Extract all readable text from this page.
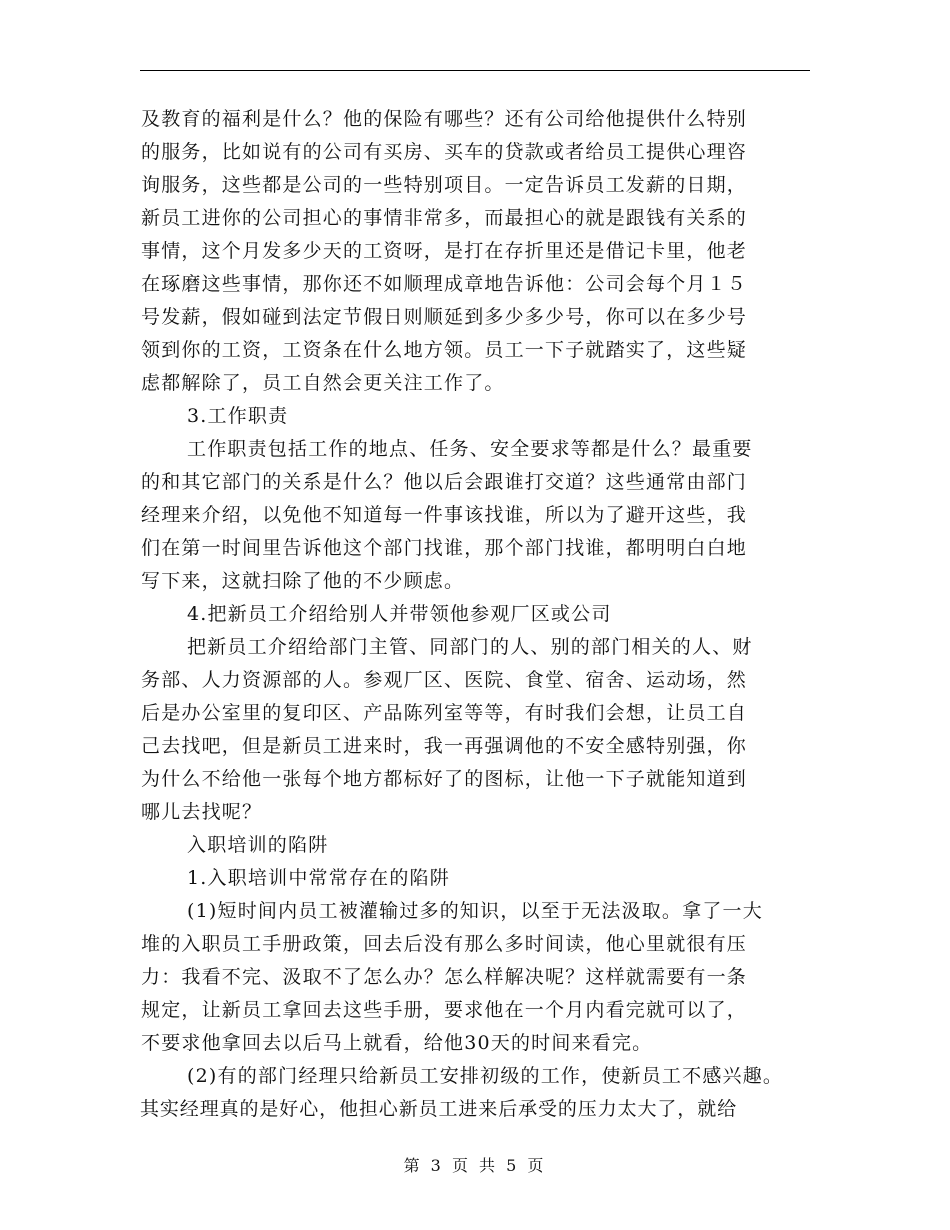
及教育的福利是什么？他的保险有哪些？还有公司给他提供什么特别
的服务，比如说有的公司有买房、买车的贷款或者给员工提供心理咨
询服务，这些都是公司的一些特别项目。一定告诉员工发薪的日期，
新员工进你的公司担心的事情非常多，而最担心的就是跟钱有关系的
事情，这个月发多少天的工资呀，是打在存折里还是借记卡里，他老
在琢磨这些事情，那你还不如顺理成章地告诉他：公司会每个月１５
号发薪，假如碰到法定节假日则顺延到多少多少号，你可以在多少号
领到你的工资，工资条在什么地方领。员工一下子就踏实了，这些疑
虑都解除了，员工自然会更关注工作了。
3.工作职责
工作职责包括工作的地点、任务、安全要求等都是什么？最重要
的和其它部门的关系是什么？他以后会跟谁打交道？这些通常由部门
经理来介绍，以免他不知道每一件事该找谁，所以为了避开这些，我
们在第一时间里告诉他这个部门找谁，那个部门找谁，都明明白白地
写下来，这就扫除了他的不少顾虑。
4.把新员工介绍给别人并带领他参观厂区或公司
把新员工介绍给部门主管、同部门的人、别的部门相关的人、财
务部、人力资源部的人。参观厂区、医院、食堂、宿舍、运动场，然
后是办公室里的复印区、产品陈列室等等，有时我们会想，让员工自
己去找吧，但是新员工进来时，我一再强调他的不安全感特别强，你
为什么不给他一张每个地方都标好了的图标，让他一下子就能知道到
哪儿去找呢？
入职培训的陷阱
1.入职培训中常常存在的陷阱
(1)短时间内员工被灌输过多的知识，以至于无法汲取。拿了一大
堆的入职员工手册政策，回去后没有那么多时间读，他心里就很有压
力：我看不完、汲取不了怎么办？怎么样解决呢？这样就需要有一条
规定，让新员工拿回去这些手册，要求他在一个月内看完就可以了，
不要求他拿回去以后马上就看，给他30天的时间来看完。
(2)有的部门经理只给新员工安排初级的工作，使新员工不感兴趣。
其实经理真的是好心，他担心新员工进来后承受的压力太大了，就给
第 3 页 共 5 页
